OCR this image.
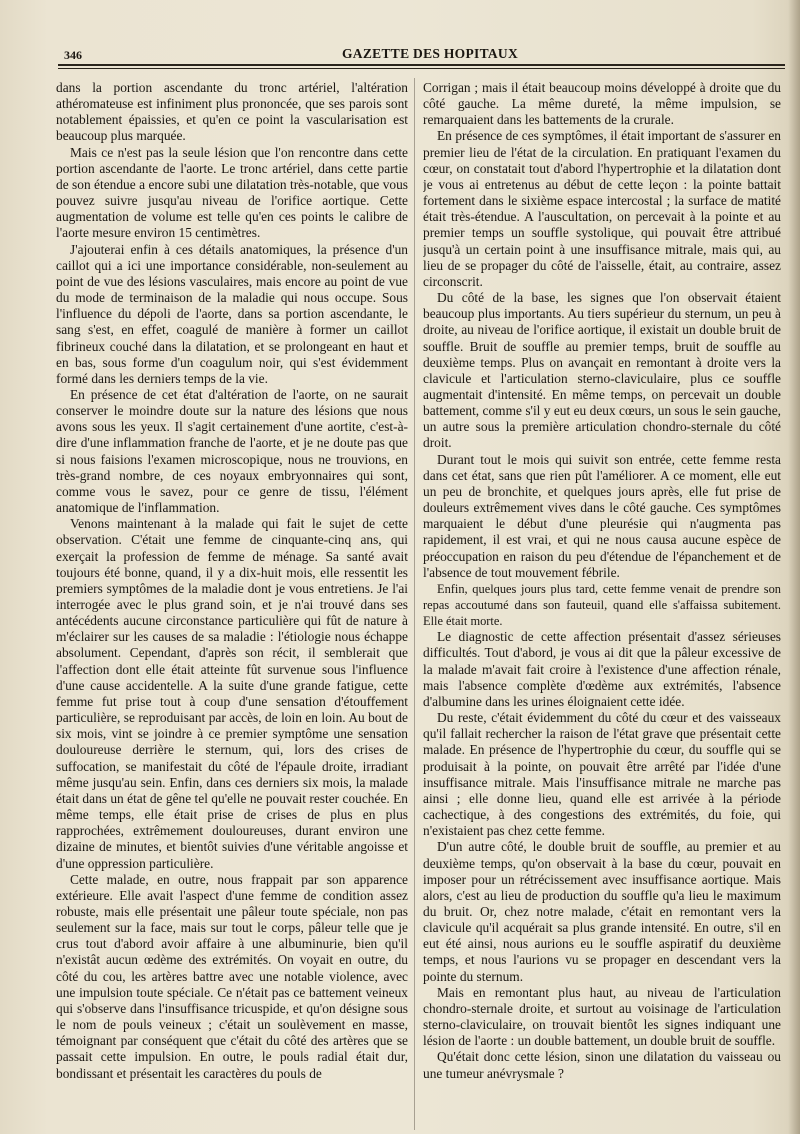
346	GAZETTE DES HOPITAUX

dans la portion ascendante du tronc artériel, l'altération athéromateuse est infiniment plus prononcée, que ses parois sont notablement épaissies, et qu'en ce point la vascularisation est beaucoup plus marquée.

Mais ce n'est pas la seule lésion que l'on rencontre dans cette portion ascendante de l'aorte. Le tronc artériel, dans cette partie de son étendue a encore subi une dilatation très-notable, que vous pouvez suivre jusqu'au niveau de l'orifice aortique. Cette augmentation de volume est telle qu'en ces points le calibre de l'aorte mesure environ 15 centimètres.

J'ajouterai enfin à ces détails anatomiques, la présence d'un caillot qui a ici une importance considérable, non-seulement au point de vue des lésions vasculaires, mais encore au point de vue du mode de terminaison de la maladie qui nous occupe. Sous l'influence du dépoli de l'aorte, dans sa portion ascendante, le sang s'est, en effet, coagulé de manière à former un caillot fibrineux couché dans la dilatation, et se prolongeant en haut et en bas, sous forme d'un coagulum noir, qui s'est évidemment formé dans les derniers temps de la vie.

En présence de cet état d'altération de l'aorte, on ne saurait conserver le moindre doute sur la nature des lésions que nous avons sous les yeux. Il s'agit certainement d'une aortite, c'est-à-dire d'une inflammation franche de l'aorte, et je ne doute pas que si nous faisions l'examen microscopique, nous ne trouvions, en très-grand nombre, de ces noyaux embryonnaires qui sont, comme vous le savez, pour ce genre de tissu, l'élément anatomique de l'inflammation.

Venons maintenant à la malade qui fait le sujet de cette observation. C'était une femme de cinquante-cinq ans, qui exerçait la profession de femme de ménage. Sa santé avait toujours été bonne, quand, il y a dix-huit mois, elle ressentit les premiers symptômes de la maladie dont je vous entretiens. Je l'ai interrogée avec le plus grand soin, et je n'ai trouvé dans ses antécédents aucune circonstance particulière qui fût de nature à m'éclairer sur les causes de sa maladie : l'étiologie nous échappe absolument. Cependant, d'après son récit, il semblerait que l'affection dont elle était atteinte fût survenue sous l'influence d'une cause accidentelle. A la suite d'une grande fatigue, cette femme fut prise tout à coup d'une sensation d'étouffement particulière, se reproduisant par accès, de loin en loin. Au bout de six mois, vint se joindre à ce premier symptôme une sensation douloureuse derrière le sternum, qui, lors des crises de suffocation, se manifestait du côté de l'épaule droite, irradiant même jusqu'au sein. Enfin, dans ces derniers six mois, la malade était dans un état de gêne tel qu'elle ne pouvait rester couchée. En même temps, elle était prise de crises de plus en plus rapprochées, extrêmement douloureuses, durant environ une dizaine de minutes, et bientôt suivies d'une véritable angoisse et d'une oppression particulière.

Cette malade, en outre, nous frappait par son apparence extérieure. Elle avait l'aspect d'une femme de condition assez robuste, mais elle présentait une pâleur toute spéciale, non pas seulement sur la face, mais sur tout le corps, pâleur telle que je crus tout d'abord avoir affaire à une albuminurie, bien qu'il n'existât aucun œdème des extrémités. On voyait en outre, du côté du cou, les artères battre avec une notable violence, avec une impulsion toute spéciale. Ce n'était pas ce battement veineux qui s'observe dans l'insuffisance tricuspide, et qu'on désigne sous le nom de pouls veineux ; c'était un soulèvement en masse, témoignant par conséquent que c'était du côté des artères que se passait cette impulsion. En outre, le pouls radial était dur, bondissant et présentait les caractères du pouls de

Corrigan ; mais il était beaucoup moins développé à droite que du côté gauche. La même dureté, la même impulsion, se remarquaient dans les battements de la crurale.

En présence de ces symptômes, il était important de s'assurer en premier lieu de l'état de la circulation. En pratiquant l'examen du cœur, on constatait tout d'abord l'hypertrophie et la dilatation dont je vous ai entretenus au début de cette leçon : la pointe battait fortement dans le sixième espace intercostal ; la surface de matité était très-étendue. A l'auscultation, on percevait à la pointe et au premier temps un souffle systolique, qui pouvait être attribué jusqu'à un certain point à une insuffisance mitrale, mais qui, au lieu de se propager du côté de l'aisselle, était, au contraire, assez circonscrit.

Du côté de la base, les signes que l'on observait étaient beaucoup plus importants. Au tiers supérieur du sternum, un peu à droite, au niveau de l'orifice aortique, il existait un double bruit de souffle. Bruit de souffle au premier temps, bruit de souffle au deuxième temps. Plus on avançait en remontant à droite vers la clavicule et l'articulation sterno-claviculaire, plus ce souffle augmentait d'intensité. En même temps, on percevait un double battement, comme s'il y eut eu deux cœurs, un sous le sein gauche, un autre sous la première articulation chondro-sternale du côté droit.

Durant tout le mois qui suivit son entrée, cette femme resta dans cet état, sans que rien pût l'améliorer. A ce moment, elle eut un peu de bronchite, et quelques jours après, elle fut prise de douleurs extrêmement vives dans le côté gauche. Ces symptômes marquaient le début d'une pleurésie qui n'augmenta pas rapidement, il est vrai, et qui ne nous causa aucune espèce de préoccupation en raison du peu d'étendue de l'épanchement et de l'absence de tout mouvement fébrile.

Enfin, quelques jours plus tard, cette femme venait de prendre son repas accoutumé dans son fauteuil, quand elle s'affaissa subitement. Elle était morte.

Le diagnostic de cette affection présentait d'assez sérieuses difficultés. Tout d'abord, je vous ai dit que la pâleur excessive de la malade m'avait fait croire à l'existence d'une affection rénale, mais l'absence complète d'œdème aux extrémités, l'absence d'albumine dans les urines éloignaient cette idée.

Du reste, c'était évidemment du côté du cœur et des vaisseaux qu'il fallait rechercher la raison de l'état grave que présentait cette malade. En présence de l'hypertrophie du cœur, du souffle qui se produisait à la pointe, on pouvait être arrêté par l'idée d'une insuffisance mitrale. Mais l'insuffisance mitrale ne marche pas ainsi ; elle donne lieu, quand elle est arrivée à la période cachectique, à des congestions des extrémités, du foie, qui n'existaient pas chez cette femme.

D'un autre côté, le double bruit de souffle, au premier et au deuxième temps, qu'on observait à la base du cœur, pouvait en imposer pour un rétrécissement avec insuffisance aortique. Mais alors, c'est au lieu de production du souffle qu'a lieu le maximum du bruit. Or, chez notre malade, c'était en remontant vers la clavicule qu'il acquérait sa plus grande intensité. En outre, s'il en eut été ainsi, nous aurions eu le souffle aspiratif du deuxième temps, et nous l'aurions vu se propager en descendant vers la pointe du sternum.

Mais en remontant plus haut, au niveau de l'articulation chondro-sternale droite, et surtout au voisinage de l'articulation sterno-claviculaire, on trouvait bientôt les signes indiquant une lésion de l'aorte : un double battement, un double bruit de souffle.

Qu'était donc cette lésion, sinon une dilatation du vaisseau ou une tumeur anévrysmale ?
